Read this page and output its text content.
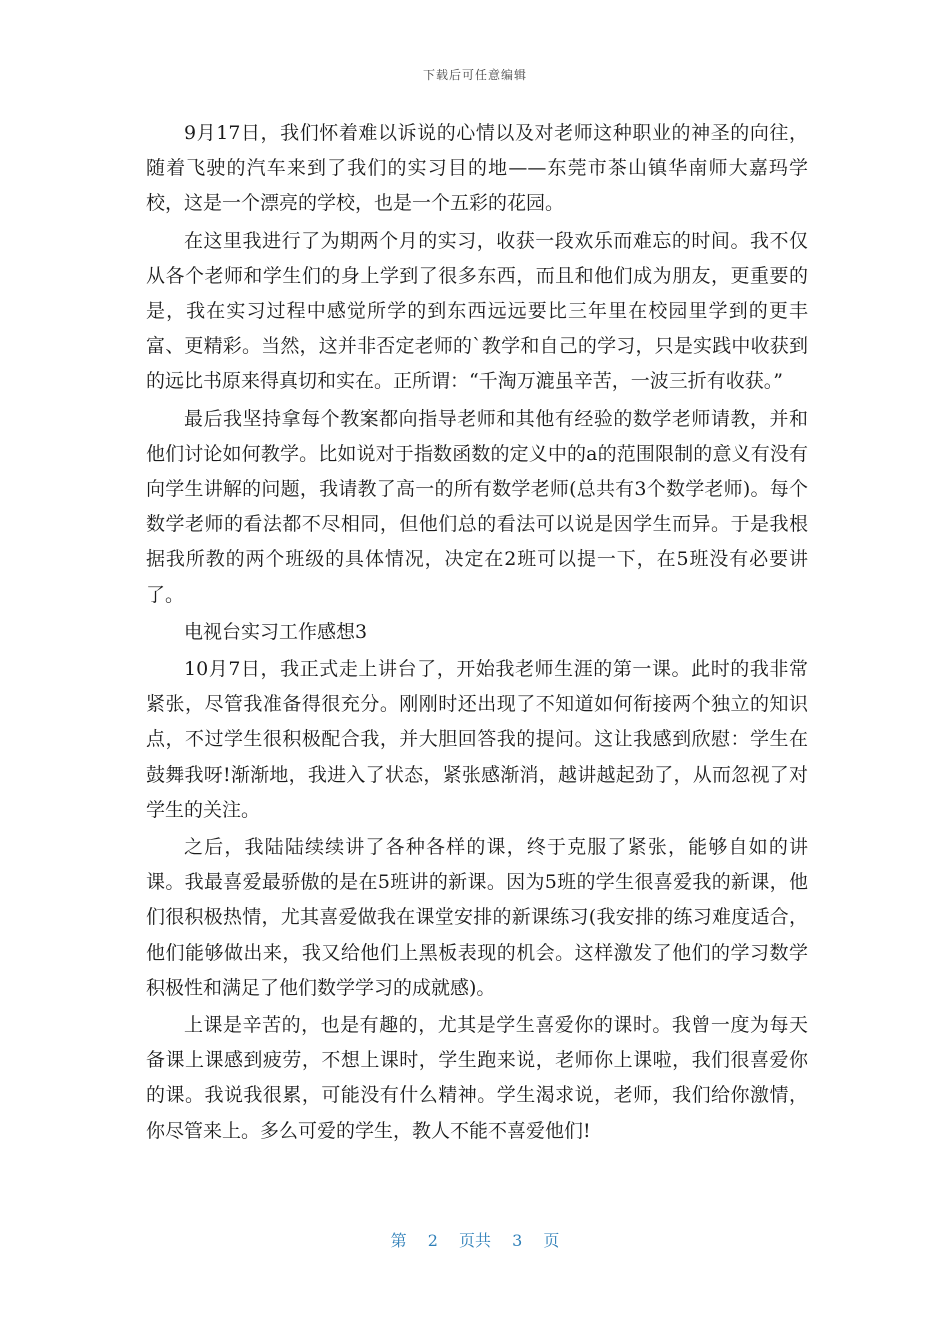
下载后可任意编辑

9月17日，我们怀着难以诉说的心情以及对老师这种职业的神圣的向往，随着飞驶的汽车来到了我们的实习目的地——东莞市茶山镇华南师大嘉玛学校，这是一个漂亮的学校，也是一个五彩的花园。

在这里我进行了为期两个月的实习，收获一段欢乐而难忘的时间。我不仅从各个老师和学生们的身上学到了很多东西，而且和他们成为朋友，更重要的是，我在实习过程中感觉所学的到东西远远要比三年里在校园里学到的更丰富、更精彩。当然，这并非否定老师的`教学和自己的学习，只是实践中收获到的远比书原来得真切和实在。正所谓：“千淘万漉虽辛苦，一波三折有收获。”

最后我坚持拿每个教案都向指导老师和其他有经验的数学老师请教，并和他们讨论如何教学。比如说对于指数函数的定义中的a的范围限制的意义有没有向学生讲解的问题，我请教了高一的所有数学老师(总共有3个数学老师)。每个数学老师的看法都不尽相同，但他们总的看法可以说是因学生而异。于是我根据我所教的两个班级的具体情况，决定在2班可以提一下，在5班没有必要讲了。

电视台实习工作感想3

10月7日，我正式走上讲台了，开始我老师生涯的第一课。此时的我非常紧张，尽管我准备得很充分。刚刚时还出现了不知道如何衔接两个独立的知识点，不过学生很积极配合我，并大胆回答我的提问。这让我感到欣慰：学生在鼓舞我呀!渐渐地，我进入了状态，紧张感渐消，越讲越起劲了，从而忽视了对学生的关注。

之后，我陆陆续续讲了各种各样的课，终于克服了紧张，能够自如的讲课。我最喜爱最骄傲的是在5班讲的新课。因为5班的学生很喜爱我的新课，他们很积极热情，尤其喜爱做我在课堂安排的新课练习(我安排的练习难度适合，他们能够做出来，我又给他们上黑板表现的机会。这样激发了他们的学习数学积极性和满足了他们数学学习的成就感)。

上课是辛苦的，也是有趣的，尤其是学生喜爱你的课时。我曾一度为每天备课上课感到疲劳，不想上课时，学生跑来说，老师你上课啦，我们很喜爱你的课。我说我很累，可能没有什么精神。学生渴求说，老师，我们给你激情，你尽管来上。多么可爱的学生，教人不能不喜爱他们!

第 2 页共 3 页
